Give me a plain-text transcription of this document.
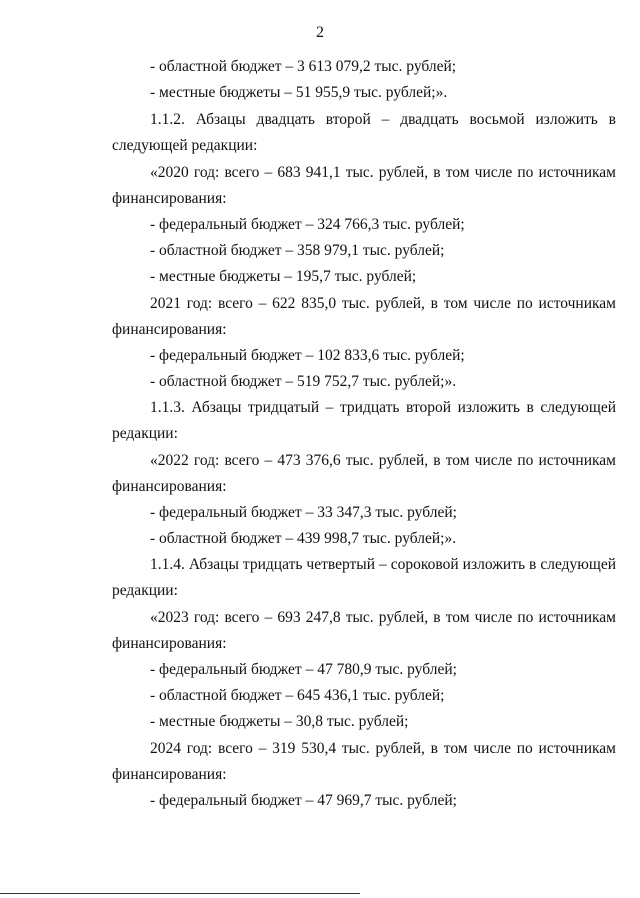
2
- областной бюджет – 3 613 079,2 тыс. рублей;
- местные бюджеты – 51 955,9 тыс. рублей;».
1.1.2. Абзацы двадцать второй – двадцать восьмой изложить в
следующей редакции:
«2020 год: всего – 683 941,1 тыс. рублей, в том числе по источникам
финансирования:
- федеральный бюджет – 324 766,3 тыс. рублей;
- областной бюджет – 358 979,1 тыс. рублей;
- местные бюджеты – 195,7 тыс. рублей;
2021 год: всего – 622 835,0 тыс. рублей, в том числе по источникам
финансирования:
- федеральный бюджет – 102 833,6 тыс. рублей;
- областной бюджет – 519 752,7 тыс. рублей;».
1.1.3. Абзацы тридцатый – тридцать второй изложить в следующей
редакции:
«2022 год: всего – 473 376,6 тыс. рублей, в том числе по источникам
финансирования:
- федеральный бюджет – 33 347,3 тыс. рублей;
- областной бюджет – 439 998,7 тыс. рублей;».
1.1.4. Абзацы тридцать четвертый – сороковой изложить в следующей
редакции:
«2023 год: всего – 693 247,8 тыс. рублей, в том числе по источникам
финансирования:
- федеральный бюджет – 47 780,9 тыс. рублей;
- областной бюджет – 645 436,1 тыс. рублей;
- местные бюджеты – 30,8 тыс. рублей;
2024 год: всего – 319 530,4 тыс. рублей, в том числе по источникам
финансирования:
- федеральный бюджет – 47 969,7 тыс. рублей;
